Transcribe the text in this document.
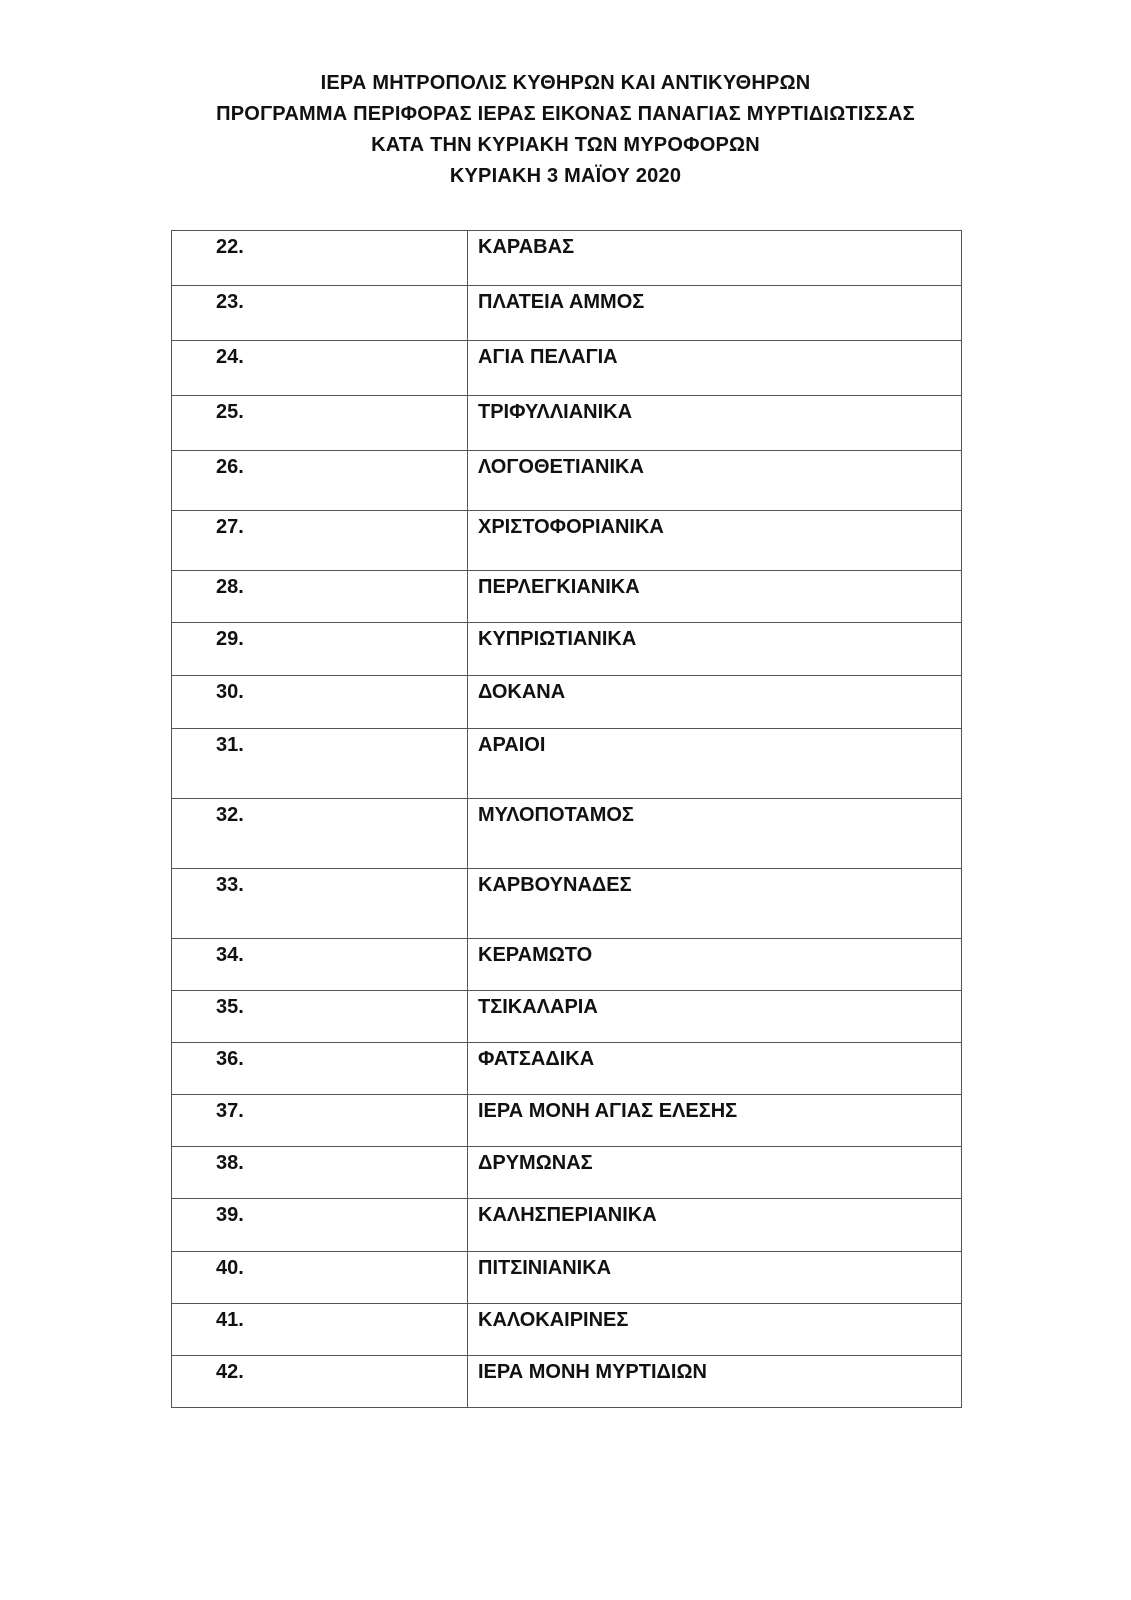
ΙΕΡΑ ΜΗΤΡΟΠΟΛΙΣ ΚΥΘΗΡΩΝ ΚΑΙ ΑΝΤΙΚΥΘΗΡΩΝ
ΠΡΟΓΡΑΜΜΑ ΠΕΡΙΦΟΡΑΣ ΙΕΡΑΣ ΕΙΚΟΝΑΣ ΠΑΝΑΓΙΑΣ ΜΥΡΤΙΔΙΩΤΙΣΣΑΣ
ΚΑΤΑ ΤΗΝ ΚΥΡΙΑΚΗ ΤΩΝ ΜΥΡΟΦΟΡΩΝ
ΚΥΡΙΑΚΗ 3 ΜΑΪΟΥ 2020
22.	ΚΑΡΑΒΑΣ
23.	ΠΛΑΤΕΙΑ ΑΜΜΟΣ
24.	ΑΓΙΑ ΠΕΛΑΓΙΑ
25.	ΤΡΙΦΥΛΛΙΑΝΙΚΑ
26.	ΛΟΓΟΘΕΤΙΑΝΙΚΑ
27.	ΧΡΙΣΤΟΦΟΡΙΑΝΙΚΑ
28.	ΠΕΡΛΕΓΚΙΑΝΙΚΑ
29.	ΚΥΠΡΙΩΤΙΑΝΙΚΑ
30.	ΔΟΚΑΝΑ
31.	ΑΡΑΙΟΙ
32.	ΜΥΛΟΠΟΤΑΜΟΣ
33.	ΚΑΡΒΟΥΝΑΔΕΣ
34.	ΚΕΡΑΜΩΤΟ
35.	ΤΣΙΚΑΛΑΡΙΑ
36.	ΦΑΤΣΑΔΙΚΑ
37.	ΙΕΡΑ ΜΟΝΗ ΑΓΙΑΣ ΕΛΕΣΗΣ
38.	ΔΡΥΜΩΝΑΣ
39.	ΚΑΛΗΣΠΕΡΙΑΝΙΚΑ
40.	ΠΙΤΣΙΝΙΑΝΙΚΑ
41.	ΚΑΛΟΚΑΙΡΙΝΕΣ
42.	ΙΕΡΑ ΜΟΝΗ ΜΥΡΤΙΔΙΩΝ
